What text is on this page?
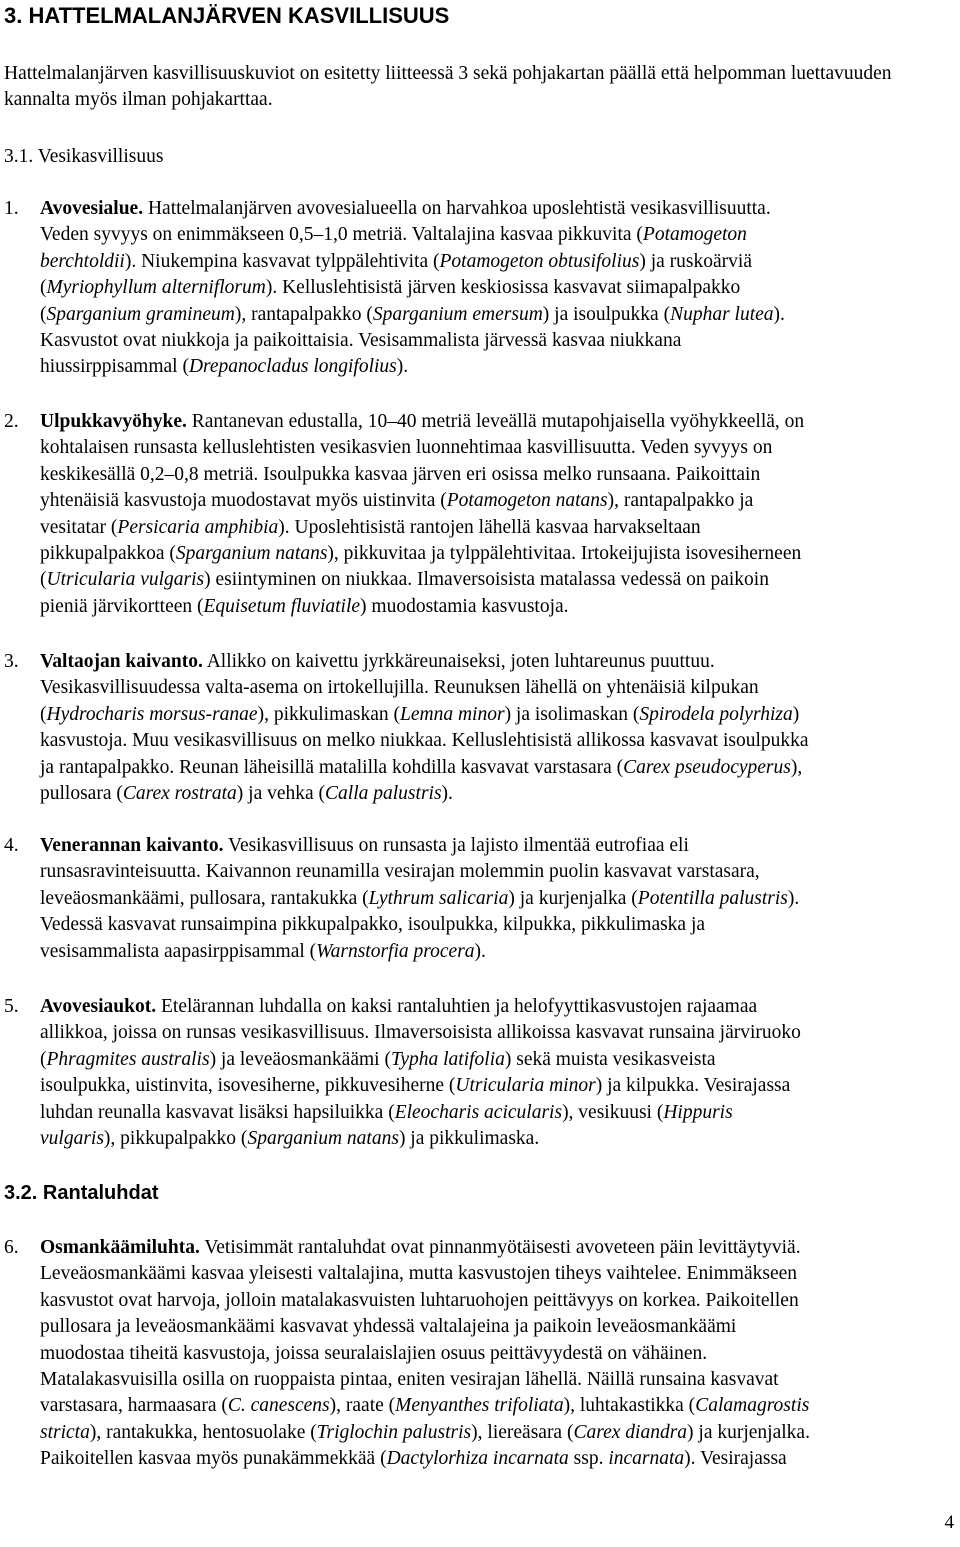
3. HATTELMALANJÄRVEN KASVILLISUUS

Hattelmalanjärven kasvillisuuskuviot on esitetty liitteessä 3 sekä pohjakartan päällä että helpomman luettavuuden kannalta myös ilman pohjakarttaa.

3.1. Vesikasvillisuus
1.	Avovesialue. Hattelmalanjärven avovesialueella on harvahkoa uposlehtistä vesikasvillisuutta.
Veden syvyys on enimmäkseen 0,5–1,0 metriä. Valtalajina kasvaa pikkuvita (Potamogeton
berchtoldii). Niukempina kasvavat tylppälehtivita (Potamogeton obtusifolius) ja ruskoärviä
(Myriophyllum alterniflorum). Kelluslehtisistä järven keskiosissa kasvavat siimapalpakko
(Sparganium gramineum), rantapalpakko (Sparganium emersum) ja isoulpukka (Nuphar lutea).
Kasvustot ovat niukkoja ja paikoittaisia. Vesisammalista järvessä kasvaa niukkana
hiussirppisammal (Drepanocladus longifolius).
2.	Ulpukkavyöhyke. Rantanevan edustalla, 10–40 metriä leveällä mutapohjaisella vyöhykkeellä, on
kohtalaisen runsasta kelluslehtisten vesikasvien luonnehtimaa kasvillisuutta. Veden syvyys on
keskikesällä 0,2–0,8 metriä. Isoulpukka kasvaa järven eri osissa melko runsaana. Paikoittain
yhtenäisiä kasvustoja muodostavat myös uistinvita (Potamogeton natans), rantapalpakko ja
vesitatar (Persicaria amphibia). Uposlehtisistä rantojen lähellä kasvaa harvakseltaan
pikkupalpakkoa (Sparganium natans), pikkuvitaa ja tylppälehtivitaa. Irtokeijujista isovesiherneen
(Utricularia vulgaris) esiintyminen on niukkaa. Ilmaversoisista matalassa vedessä on paikoin
pieniä järvikortteen (Equisetum fluviatile) muodostamia kasvustoja.
3.	Valtaojan kaivanto. Allikko on kaivettu jyrkkäreunaiseksi, joten luhtareunus puuttuu.
Vesikasvillisuudessa valta-asema on irtokellujilla. Reunuksen lähellä on yhtenäisiä kilpukan
(Hydrocharis morsus-ranae), pikkulimaskan (Lemna minor) ja isolimaskan (Spirodela polyrhiza)
kasvustoja. Muu vesikasvillisuus on melko niukkaa. Kelluslehtisistä allikossa kasvavat isoulpukka
ja rantapalpakko. Reunan läheisillä matalilla kohdilla kasvavat varstasara (Carex pseudocyperus),
pullosara (Carex rostrata) ja vehka (Calla palustris).
4.	Venerannan kaivanto. Vesikasvillisuus on runsasta ja lajisto ilmentää eutrofiaa eli
runsasravinteisuutta. Kaivannon reunamilla vesirajan molemmin puolin kasvavat varstasara,
leveäosmankäämi, pullosara, rantakukka (Lythrum salicaria) ja kurjenjalka (Potentilla palustris).
Vedessä kasvavat runsaimpina pikkupalpakko, isoulpukka, kilpukka, pikkulimaska ja
vesisammalista aapasirppisammal (Warnstorfia procera).
5.	Avovesiaukot. Etelärannan luhdalla on kaksi rantaluhtien ja helofyyttikasvustojen rajaamaa
allikkoa, joissa on runsas vesikasvillisuus. Ilmaversoisista allikoissa kasvavat runsaina järviruoko
(Phragmites australis) ja leveäosmankäämi (Typha latifolia) sekä muista vesikasveista
isoulpukka, uistinvita, isovesiherne, pikkuvesiherne (Utricularia minor) ja kilpukka. Vesirajassa
luhdan reunalla kasvavat lisäksi hapsiluikka (Eleocharis acicularis), vesikuusi (Hippuris
vulgaris), pikkupalpakko (Sparganium natans) ja pikkulimaska.
3.2. Rantaluhdat
6.	Osmankäämiluhta. Vetisimmät rantaluhdat ovat pinnanmyötäisesti avoveteen päin levittäytyviä.
Leveäosmankäämi kasvaa yleisesti valtalajina, mutta kasvustojen tiheys vaihtelee. Enimmäkseen
kasvustot ovat harvoja, jolloin matalakasvuisten luhtaruohojen peittävyys on korkea. Paikoitellen
pullosara ja leveäosmankäämi kasvavat yhdessä valtalajeina ja paikoin leveäosmankäämi
muodostaa tiheitä kasvustoja, joissa seuralaislajien osuus peittävyydestä on vähäinen.
Matalakasvuisilla osilla on ruoppaista pintaa, eniten vesirajan lähellä. Näillä runsaina kasvavat
varstasara, harmaasara (C. canescens), raate (Menyanthes trifoliata), luhtakastikka (Calamagrostis
stricta), rantakukka, hentosuolake (Triglochin palustris), liereäsara (Carex diandra) ja kurjenjalka.
Paikoitellen kasvaa myös punakämmekkää (Dactylorhiza incarnata ssp. incarnata). Vesirajassa
4
